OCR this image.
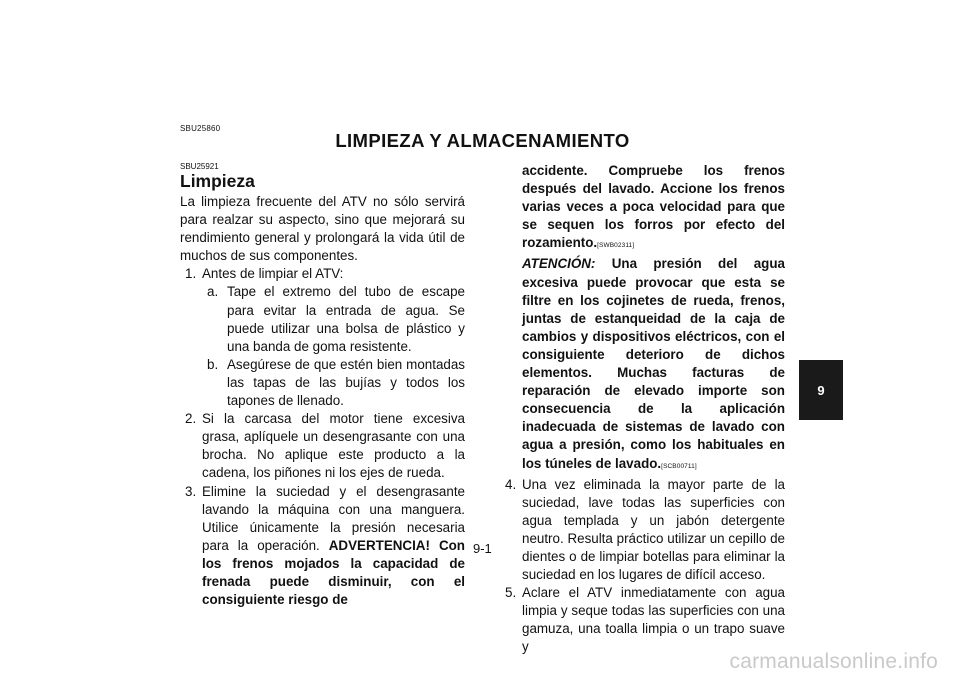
SBU25860
LIMPIEZA Y ALMACENAMIENTO
SBU25921
Limpieza

La limpieza frecuente del ATV no sólo servirá para realzar su aspecto, sino que mejorará su rendimiento general y prolongará la vida útil de muchos de sus componentes.

1. Antes de limpiar el ATV:

a. Tape el extremo del tubo de escape para evitar la entrada de agua. Se puede utilizar una bolsa de plástico y una banda de goma resistente.

b. Asegúrese de que estén bien montadas las tapas de las bujías y todos los tapones de llenado.

2. Si la carcasa del motor tiene excesiva grasa, aplíquele un desengrasante con una brocha. No aplique este producto a la cadena, los piñones ni los ejes de rueda.

3. Elimine la suciedad y el desengrasante lavando la máquina con una manguera. Utilice únicamente la presión necesaria para la operación. ADVERTENCIA! Con los frenos mojados la capacidad de frenada puede disminuir, con el consiguiente riesgo de

accidente. Compruebe los frenos después del lavado. Accione los frenos varias veces a poca velocidad para que se sequen los forros por efecto del rozamiento.[SWB02311]

ATENCIÓN: Una presión del agua excesiva puede provocar que esta se filtre en los cojinetes de rueda, frenos, juntas de estanqueidad de la caja de cambios y dispositivos eléctricos, con el consiguiente deterioro de dichos elementos. Muchas facturas de reparación de elevado importe son consecuencia de la aplicación inadecuada de sistemas de lavado con agua a presión, como los habituales en los túneles de lavado.[SCB00711]

4. Una vez eliminada la mayor parte de la suciedad, lave todas las superficies con agua templada y un jabón detergente neutro. Resulta práctico utilizar un cepillo de dientes o de limpiar botellas para eliminar la suciedad en los lugares de difícil acceso.

5. Aclare el ATV inmediatamente con agua limpia y seque todas las superficies con una gamuza, una toalla limpia o un trapo suave y

9-1
9
carmanualsonline.info
